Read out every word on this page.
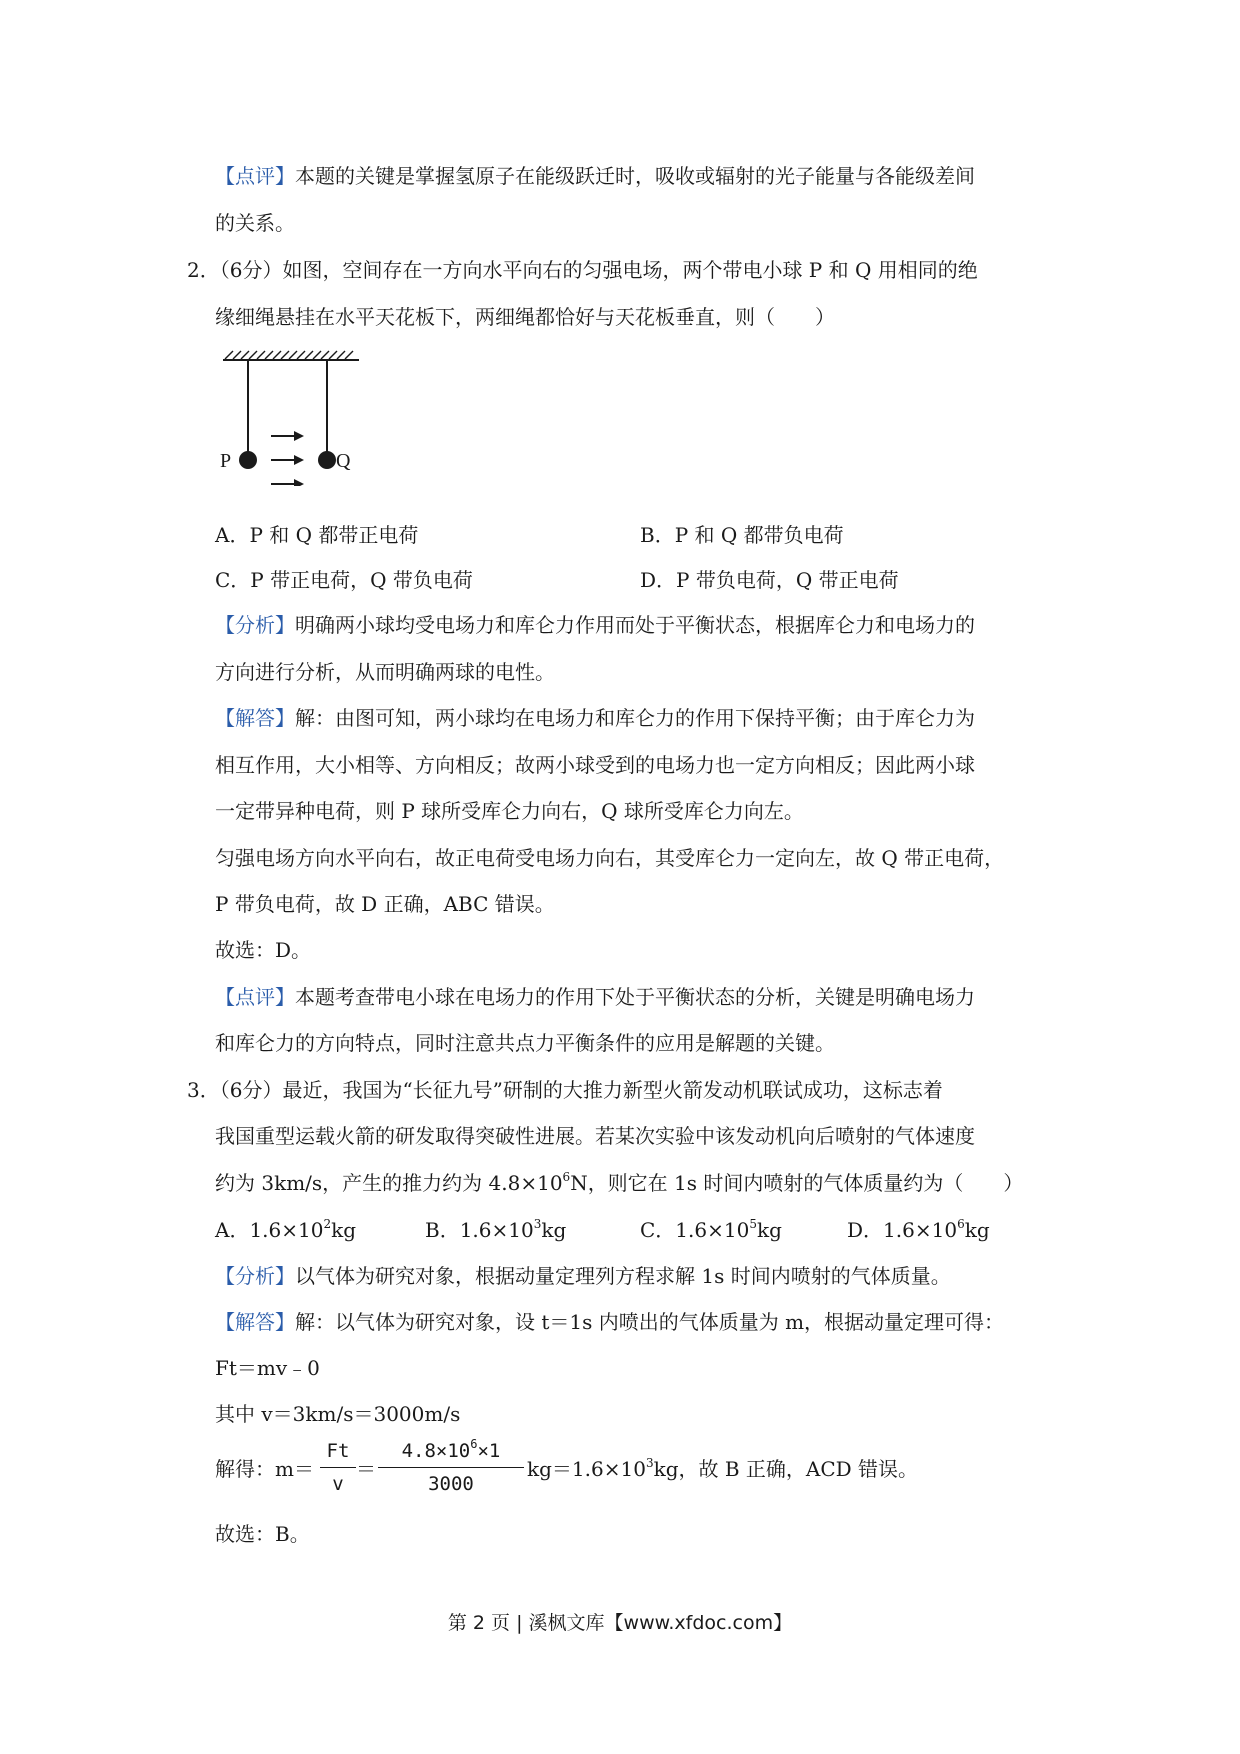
【点评】本题的关键是掌握氢原子在能级跃迁时，吸收或辐射的光子能量与各能级差间
的关系。
2．（6分）如图，空间存在一方向水平向右的匀强电场，两个带电小球 P 和 Q 用相同的绝
缘细绳悬挂在水平天花板下，两细绳都恰好与天花板垂直，则（　　）
P	Q
A．P 和 Q 都带正电荷	B．P 和 Q 都带负电荷
C．P 带正电荷，Q 带负电荷	D．P 带负电荷，Q 带正电荷
【分析】明确两小球均受电场力和库仑力作用而处于平衡状态，根据库仑力和电场力的
方向进行分析，从而明确两球的电性。
【解答】解：由图可知，两小球均在电场力和库仑力的作用下保持平衡；由于库仑力为
相互作用，大小相等、方向相反；故两小球受到的电场力也一定方向相反；因此两小球
一定带异种电荷，则 P 球所受库仑力向右，Q 球所受库仑力向左。
匀强电场方向水平向右，故正电荷受电场力向右，其受库仑力一定向左，故 Q 带正电荷，
P 带负电荷，故 D 正确，ABC 错误。
故选：D。
【点评】本题考查带电小球在电场力的作用下处于平衡状态的分析，关键是明确电场力
和库仑力的方向特点，同时注意共点力平衡条件的应用是解题的关键。
3．（6分）最近，我国为“长征九号”研制的大推力新型火箭发动机联试成功，这标志着
我国重型运载火箭的研发取得突破性进展。若某次实验中该发动机向后喷射的气体速度
约为 3km/s，产生的推力约为 $4.8\times 10^6N$，则它在 1s 时间内喷射的气体质量约为（　　）
A．$1.6\times 10^2kg$	B．$1.6\times 10^3kg$	C．$1.6\times 10^5kg$	D．$1.6\times 10^6kg$
【分析】以气体为研究对象，根据动量定理列方程求解 1s 时间内喷射的气体质量。
【解答】解：以气体为研究对象，设 t＝1s 内喷出的气体质量为 m，根据动量定理可得：
Ft＝mv﹣0
其中 v＝3km/s＝3000m/s
解得：m＝
Ft
v
＝
$4.8\times 10^6\times 1$
3000
$kg=1.6\times 10^3kg$，故 B 正确，ACD 错误。
故选：B。
第 2 页 | 溪枫文库【www.xfdoc.com】
